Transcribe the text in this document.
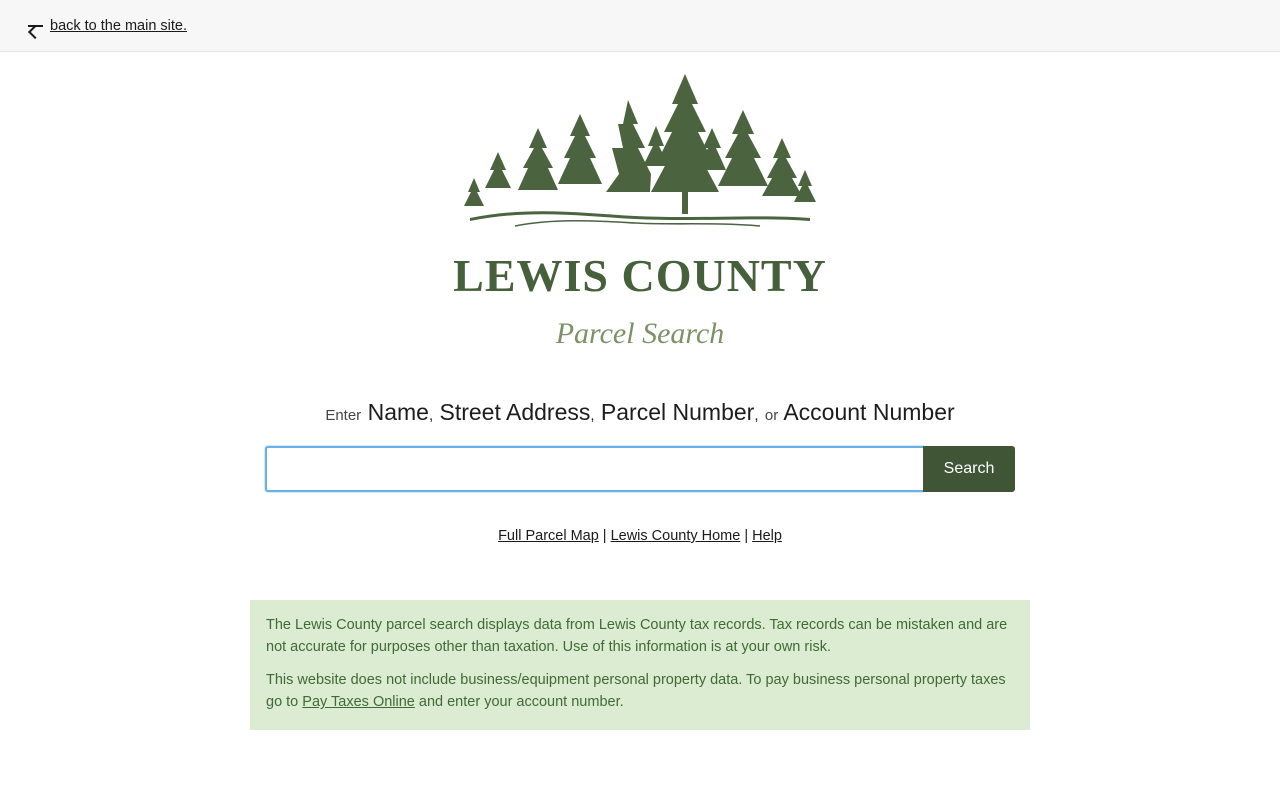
back to the main site.
LEWIS COUNTY
Parcel Search
Enter Name, Street Address, Parcel Number, or Account Number
Search
Full Parcel Map | Lewis County Home | Help

The Lewis County parcel search displays data from Lewis County tax records. Tax records can be mistaken and are not accurate for purposes other than taxation. Use of this information is at your own risk.

This website does not include business/equipment personal property data. To pay business personal property taxes go to Pay Taxes Online and enter your account number.
